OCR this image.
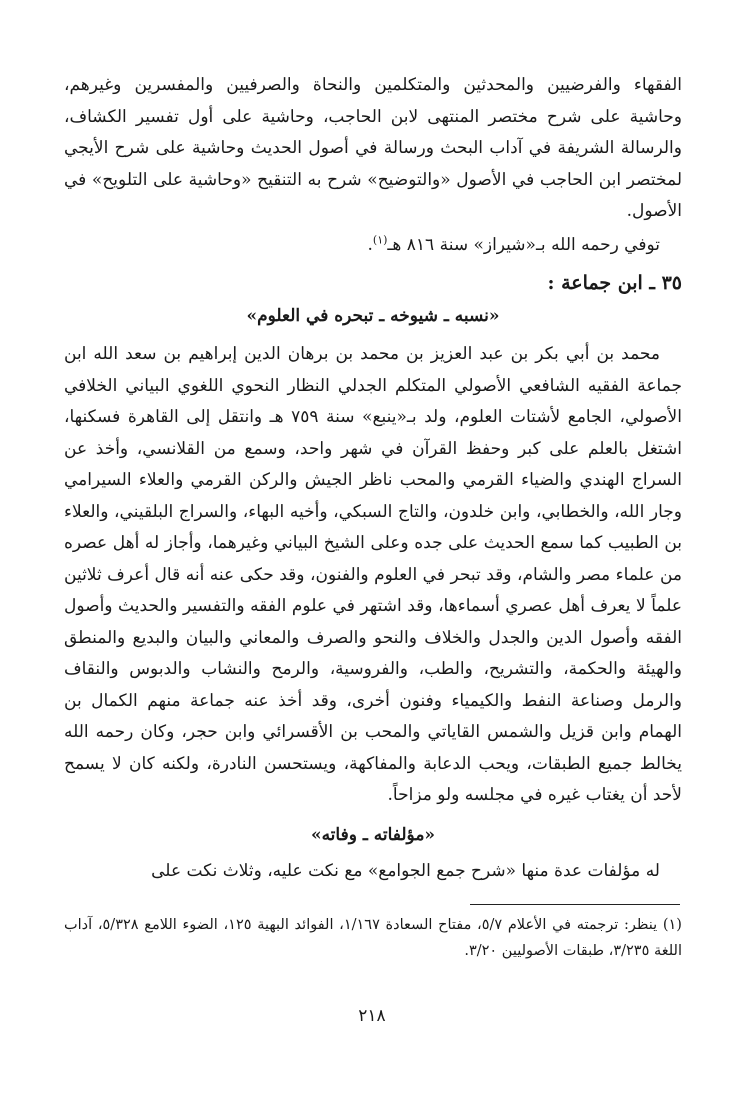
الفقهاء والفرضيين والمحدثين والمتكلمين والنحاة والصرفيين والمفسرين وغيرهم، وحاشية على شرح مختصر المنتهى لابن الحاجب، وحاشية على أول تفسير الكشاف، والرسالة الشريفة في آداب البحث ورسالة في أصول الحديث وحاشية على شرح الأيجي لمختصر ابن الحاجب في الأصول «والتوضيح» شرح به التنقيح «وحاشية على التلويح» في الأصول.

توفي رحمه الله بـ«شيراز» سنة ٨١٦ هـ$^{(١)}$.

٣٥ ـ ابن جماعة :
«نسبه ـ شيوخه ـ تبحره في العلوم»

محمد بن أبي بكر بن عبد العزيز بن محمد بن برهان الدين إبراهيم بن سعد الله ابن جماعة الفقيه الشافعي الأصولي المتكلم الجدلي النظار النحوي اللغوي البياني الخلافي الأصولي، الجامع لأشتات العلوم، ولد بـ«ينبع» سنة ٧٥٩ هـ وانتقل إلى القاهرة فسكنها، اشتغل بالعلم على كبر وحفظ القرآن في شهر واحد، وسمع من القلانسي، وأخذ عن السراج الهندي والضياء القرمي والمحب ناظر الجيش والركن القرمي والعلاء السيرامي وجار الله، والخطابي، وابن خلدون، والتاج السبكي، وأخيه البهاء، والسراج البلقيني، والعلاء بن الطبيب كما سمع الحديث على جده وعلى الشيخ البياني وغيرهما، وأجاز له أهل عصره من علماء مصر والشام، وقد تبحر في العلوم والفنون، وقد حكى عنه أنه قال أعرف ثلاثين علماً لا يعرف أهل عصري أسماءها، وقد اشتهر في علوم الفقه والتفسير والحديث وأصول الفقه وأصول الدين والجدل والخلاف والنحو والصرف والمعاني والبيان والبديع والمنطق والهيئة والحكمة، والتشريح، والطب، والفروسية، والرمح والنشاب والدبوس والنقاف والرمل وصناعة النفط والكيمياء وفنون أخرى، وقد أخذ عنه جماعة منهم الكمال بن الهمام وابن قزيل والشمس القاياتي والمحب بن الأقسرائي وابن حجر، وكان رحمه الله يخالط جميع الطبقات، ويحب الدعابة والمفاكهة، ويستحسن النادرة، ولكنه كان لا يسمح لأحد أن يغتاب غيره في مجلسه ولو مزاحاً.

«مؤلفاته ـ وفاته»

له مؤلفات عدة منها «شرح جمع الجوامع» مع نكت عليه، وثلاث نكت على

(١) ينظر: ترجمته في الأعلام ٥/٧، مفتاح السعادة ١/١٦٧، الفوائد البهية ١٢٥، الضوء اللامع ٥/٣٢٨، آداب اللغة ٣/٢٣٥، طبقات الأصوليين ٣/٢٠.

٢١٨
